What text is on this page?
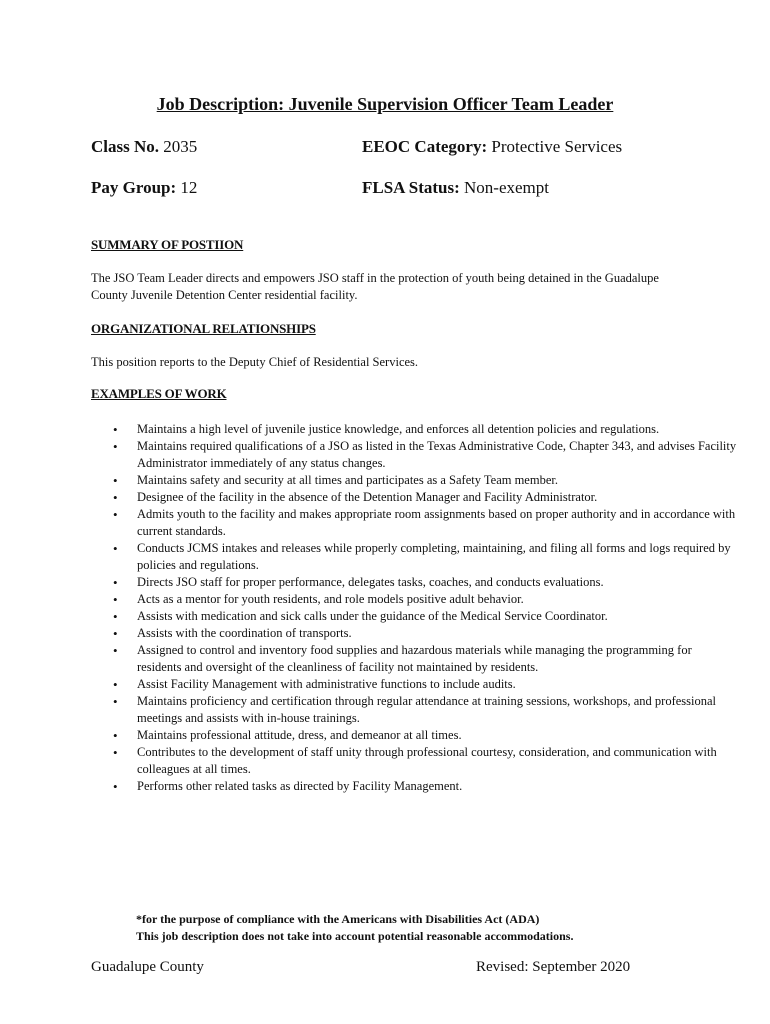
Job Description: Juvenile Supervision Officer Team Leader
Class No. 2035	EEOC Category: Protective Services
Pay Group: 12	FLSA Status: Non-exempt
SUMMARY OF POSTIION
The JSO Team Leader directs and empowers JSO staff in the protection of youth being detained in the Guadalupe County Juvenile Detention Center residential facility.
ORGANIZATIONAL RELATIONSHIPS
This position reports to the Deputy Chief of Residential Services.
EXAMPLES OF WORK
• Maintains a high level of juvenile justice knowledge, and enforces all detention policies and regulations.
• Maintains required qualifications of a JSO as listed in the Texas Administrative Code, Chapter 343, and advises Facility Administrator immediately of any status changes.
• Maintains safety and security at all times and participates as a Safety Team member.
• Designee of the facility in the absence of the Detention Manager and Facility Administrator.
• Admits youth to the facility and makes appropriate room assignments based on proper authority and in accordance with current standards.
• Conducts JCMS intakes and releases while properly completing, maintaining, and filing all forms and logs required by policies and regulations.
• Directs JSO staff for proper performance, delegates tasks, coaches, and conducts evaluations.
• Acts as a mentor for youth residents, and role models positive adult behavior.
• Assists with medication and sick calls under the guidance of the Medical Service Coordinator.
• Assists with the coordination of transports.
• Assigned to control and inventory food supplies and hazardous materials while managing the programming for residents and oversight of the cleanliness of facility not maintained by residents.
• Assist Facility Management with administrative functions to include audits.
• Maintains proficiency and certification through regular attendance at training sessions, workshops, and professional meetings and assists with in-house trainings.
• Maintains professional attitude, dress, and demeanor at all times.
• Contributes to the development of staff unity through professional courtesy, consideration, and communication with colleagues at all times.
• Performs other related tasks as directed by Facility Management.
*for the purpose of compliance with the Americans with Disabilities Act (ADA)
This job description does not take into account potential reasonable accommodations.
Guadalupe County	Revised: September 2020
